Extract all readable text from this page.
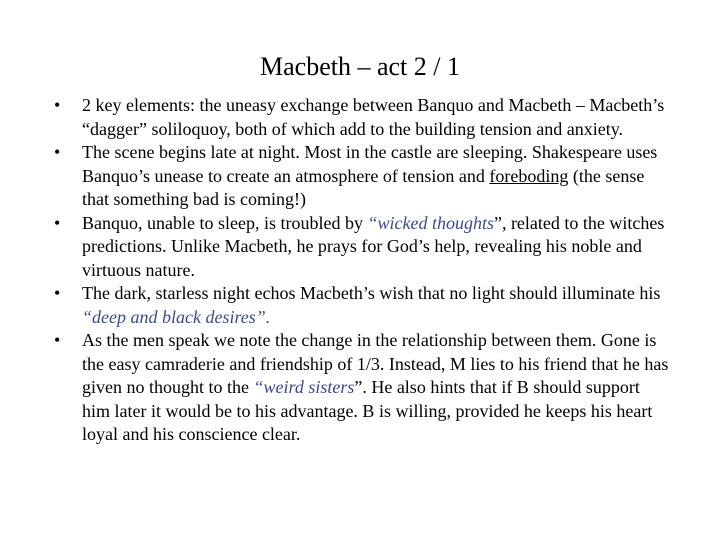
Macbeth – act 2 / 1
• 2 key elements: the uneasy exchange between Banquo and Macbeth – Macbeth’s “dagger” soliloquoy, both of which add to the building tension and anxiety.
• The scene begins late at night. Most in the castle are sleeping. Shakespeare uses Banquo’s unease to create an atmosphere of tension and foreboding (the sense that something bad is coming!)
• Banquo, unable to sleep, is troubled by “wicked thoughts”, related to the witches predictions. Unlike Macbeth, he prays for God’s help, revealing his noble and virtuous nature.
• The dark, starless night echos Macbeth’s wish that no light should illuminate his “deep and black desires”.
• As the men speak we note the change in the relationship between them. Gone is the easy camraderie and friendship of 1/3. Instead, M lies to his friend that he has given no thought to the “weird sisters”. He also hints that if B should support him later it would be to his advantage. B is willing, provided he keeps his heart loyal and his conscience clear.
